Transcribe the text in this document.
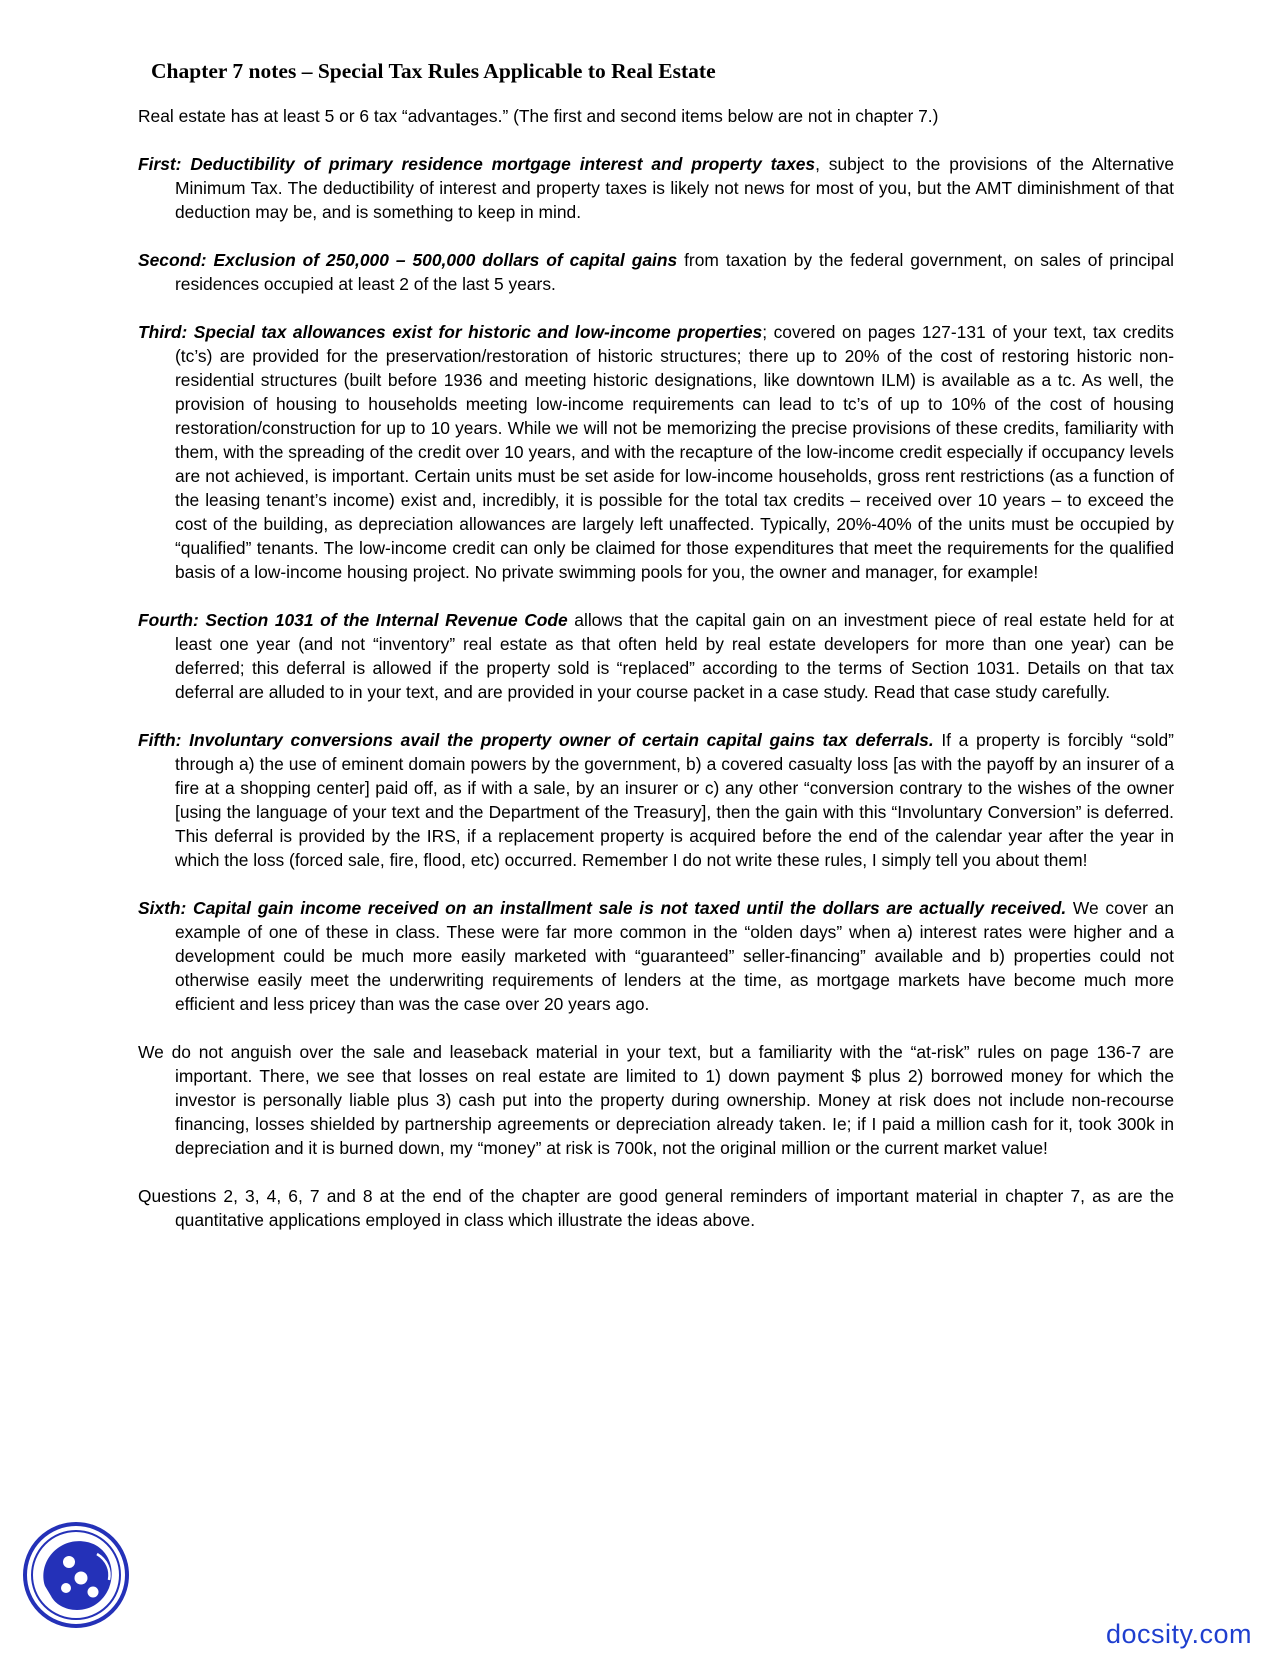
Chapter 7 notes – Special Tax Rules Applicable to Real Estate

Real estate has at least 5 or 6 tax “advantages.” (The first and second items below are not in chapter 7.)

First: Deductibility of primary residence mortgage interest and property taxes, subject to the provisions of the Alternative Minimum Tax. The deductibility of interest and property taxes is likely not news for most of you, but the AMT diminishment of that deduction may be, and is something to keep in mind.

Second: Exclusion of 250,000 – 500,000 dollars of capital gains from taxation by the federal government, on sales of principal residences occupied at least 2 of the last 5 years.

Third: Special tax allowances exist for historic and low-income properties; covered on pages 127-131 of your text, tax credits (tc’s) are provided for the preservation/restoration of historic structures; there up to 20% of the cost of restoring historic non-residential structures (built before 1936 and meeting historic designations, like downtown ILM) is available as a tc. As well, the provision of housing to households meeting low-income requirements can lead to tc’s of up to 10% of the cost of housing restoration/construction for up to 10 years. While we will not be memorizing the precise provisions of these credits, familiarity with them, with the spreading of the credit over 10 years, and with the recapture of the low-income credit especially if occupancy levels are not achieved, is important. Certain units must be set aside for low-income households, gross rent restrictions (as a function of the leasing tenant’s income) exist and, incredibly, it is possible for the total tax credits – received over 10 years – to exceed the cost of the building, as depreciation allowances are largely left unaffected. Typically, 20%-40% of the units must be occupied by “qualified” tenants. The low-income credit can only be claimed for those expenditures that meet the requirements for the qualified basis of a low-income housing project. No private swimming pools for you, the owner and manager, for example!

Fourth: Section 1031 of the Internal Revenue Code allows that the capital gain on an investment piece of real estate held for at least one year (and not “inventory” real estate as that often held by real estate developers for more than one year) can be deferred; this deferral is allowed if the property sold is “replaced” according to the terms of Section 1031. Details on that tax deferral are alluded to in your text, and are provided in your course packet in a case study. Read that case study carefully.

Fifth: Involuntary conversions avail the property owner of certain capital gains tax deferrals. If a property is forcibly “sold” through a) the use of eminent domain powers by the government, b) a covered casualty loss [as with the payoff by an insurer of a fire at a shopping center] paid off, as if with a sale, by an insurer or c) any other “conversion contrary to the wishes of the owner [using the language of your text and the Department of the Treasury], then the gain with this “Involuntary Conversion” is deferred. This deferral is provided by the IRS, if a replacement property is acquired before the end of the calendar year after the year in which the loss (forced sale, fire, flood, etc) occurred. Remember I do not write these rules, I simply tell you about them!

Sixth: Capital gain income received on an installment sale is not taxed until the dollars are actually received. We cover an example of one of these in class. These were far more common in the “olden days” when a) interest rates were higher and a development could be much more easily marketed with “guaranteed” seller-financing” available and b) properties could not otherwise easily meet the underwriting requirements of lenders at the time, as mortgage markets have become much more efficient and less pricey than was the case over 20 years ago.

We do not anguish over the sale and leaseback material in your text, but a familiarity with the “at-risk” rules on page 136-7 are important. There, we see that losses on real estate are limited to 1) down payment $ plus 2) borrowed money for which the investor is personally liable plus 3) cash put into the property during ownership. Money at risk does not include non-recourse financing, losses shielded by partnership agreements or depreciation already taken. Ie; if I paid a million cash for it, took 300k in depreciation and it is burned down, my “money” at risk is 700k, not the original million or the current market value!

Questions 2, 3, 4, 6, 7 and 8 at the end of the chapter are good general reminders of important material in chapter 7, as are the quantitative applications employed in class which illustrate the ideas above.

docsity.com
